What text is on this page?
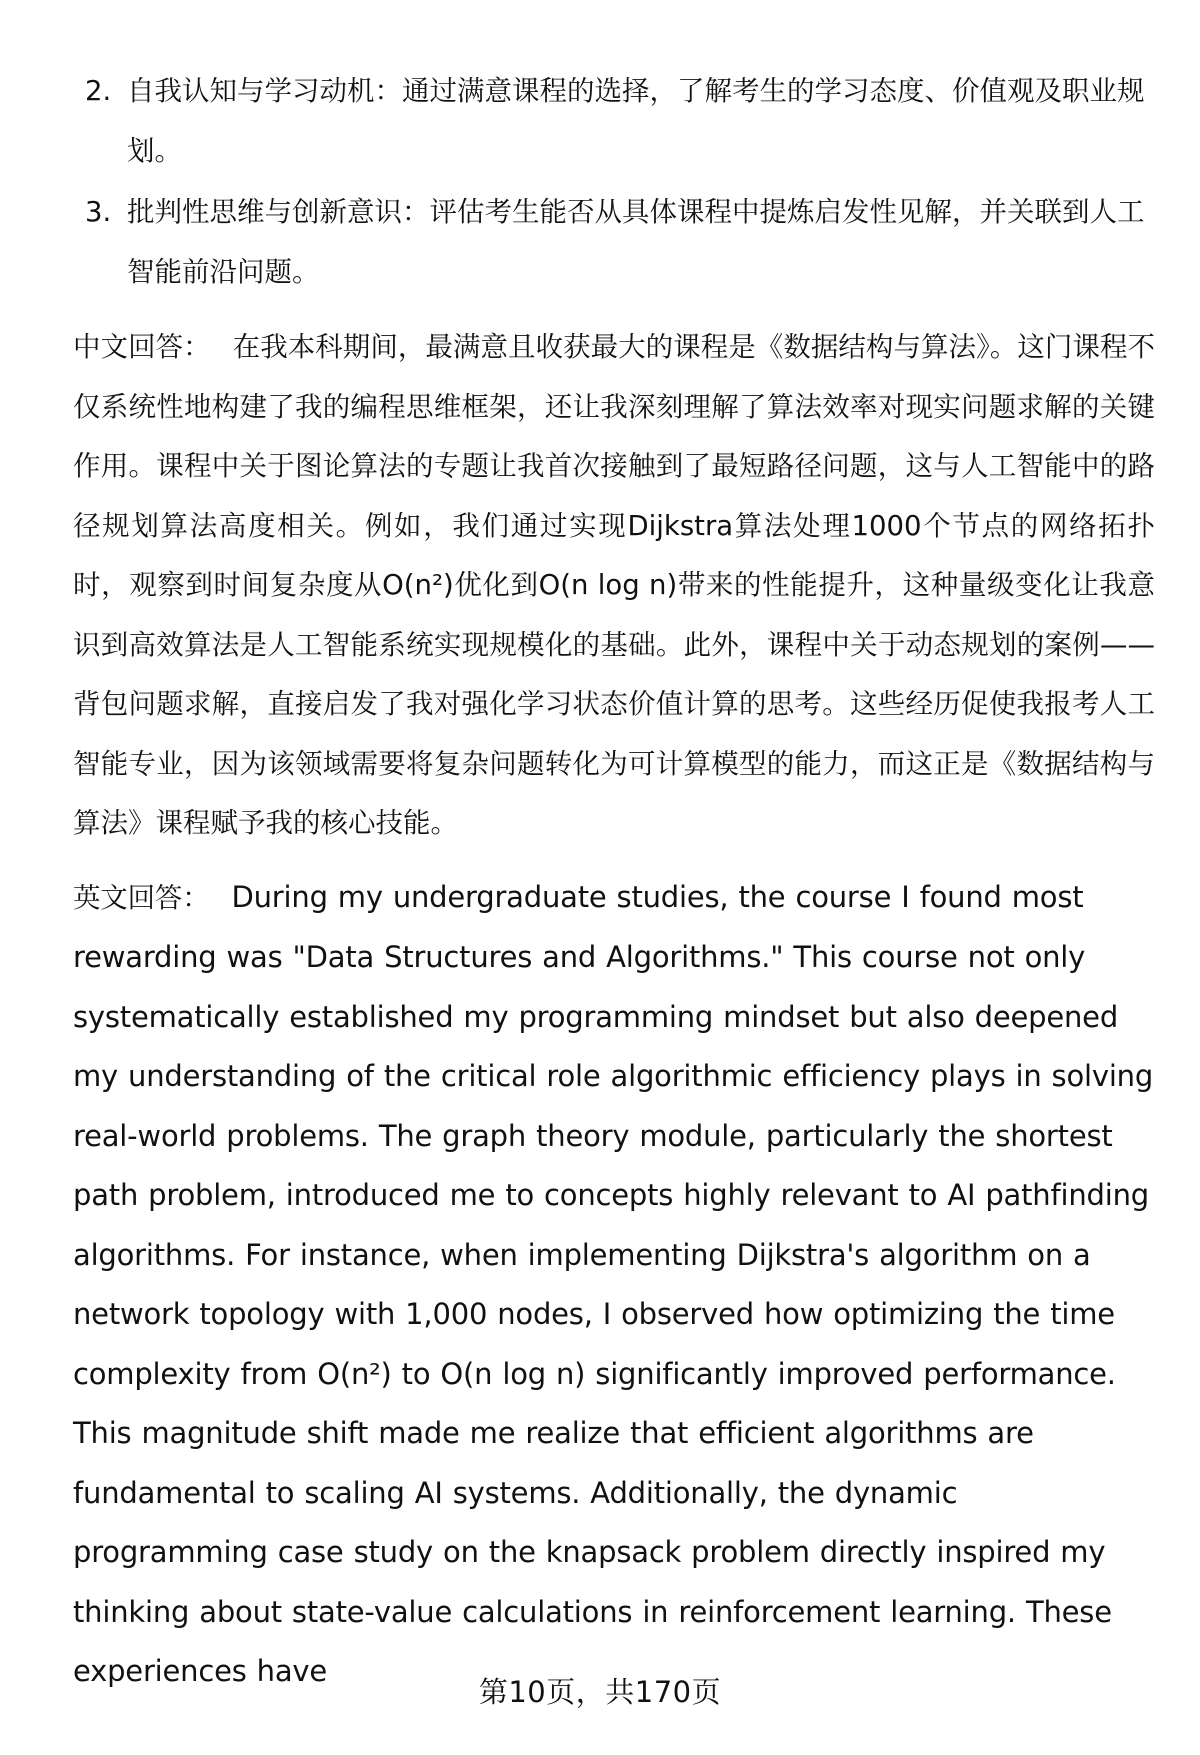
2. 自我认知与学习动机：通过满意课程的选择，了解考生的学习态度、价值观及职业规划。
3. 批判性思维与创新意识：评估考生能否从具体课程中提炼启发性见解，并关联到人工智能前沿问题。

中文回答： 在我本科期间，最满意且收获最大的课程是《数据结构与算法》。这门课程不仅系统性地构建了我的编程思维框架，还让我深刻理解了算法效率对现实问题求解的关键作用。课程中关于图论算法的专题让我首次接触到了最短路径问题，这与人工智能中的路径规划算法高度相关。例如，我们通过实现Dijkstra算法处理1000个节点的网络拓扑时，观察到时间复杂度从O(n²)优化到O(n log n)带来的性能提升，这种量级变化让我意识到高效算法是人工智能系统实现规模化的基础。此外，课程中关于动态规划的案例——背包问题求解，直接启发了我对强化学习状态价值计算的思考。这些经历促使我报考人工智能专业，因为该领域需要将复杂问题转化为可计算模型的能力，而这正是《数据结构与算法》课程赋予我的核心技能。

英文回答： During my undergraduate studies, the course I found most rewarding was "Data Structures and Algorithms." This course not only systematically established my programming mindset but also deepened my understanding of the critical role algorithmic efficiency plays in solving real-world problems. The graph theory module, particularly the shortest path problem, introduced me to concepts highly relevant to AI pathfinding algorithms. For instance, when implementing Dijkstra's algorithm on a network topology with 1,000 nodes, I observed how optimizing the time complexity from O(n²) to O(n log n) significantly improved performance. This magnitude shift made me realize that efficient algorithms are fundamental to scaling AI systems. Additionally, the dynamic programming case study on the knapsack problem directly inspired my thinking about state-value calculations in reinforcement learning. These experiences have

第10页，共170页
